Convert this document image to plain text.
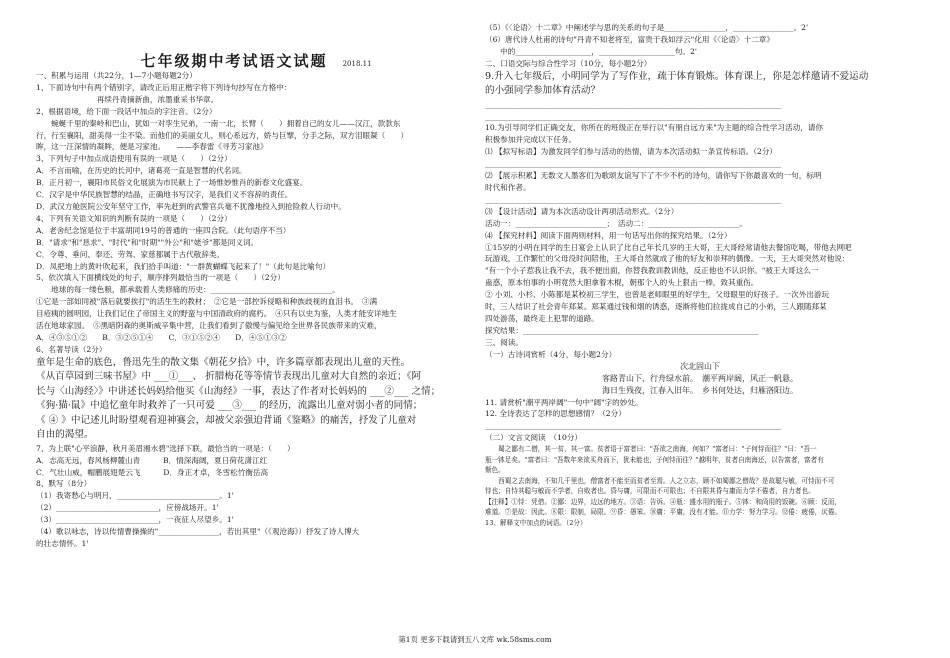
七年级期中考试语文试题 2018.11
一、积累与运用（共22分，1—7小题每题2分）
1、下面诗句中有两个错别字，请改正后用正楷字将下列诗句抄写在方格中：
　　　　　　　　再续丹青摘新曲，浓墨重采书华章。
2、根据语境，给下面一段话中加点的字注音。（2分）
　　蜿蜒千里的秦岭和巴山，犹如一对孪生兄弟，一南一北，长臂（　　）拥着自己的女儿——汉江，款款东
行，行至襄阳，甜美得一尘不染。而他们的美丽女儿，则心系远方，娇与巨擘，分手之际，双方泪眼凝（　　）
眸，这一汪深情的凝眸，便是习家池。　　——李春雷《寻芳习家池》
3、下列句子中加点成语使用有误的一项是（　　）（2分）
A．不言而喻，在历史的长河中，诸葛亮一直是智慧的代名词。
B．正月初一，襄阳市民俗文化展演为市民献上了一场惟妙惟肖的新春文化盛宴。
C．汉字是中华民族智慧的结晶，正确地书写汉字，是我们义不容辞的责任。
D．武汉方舱医院公安年坚守工作，率先赶到的武警官兵毫不犹豫地投入到抢险救人行动中。
4、下列有关语文知识的判断有误的一项是（　　）（2分）
A．老舍纪念馆是位于丰富胡同19号的普通的一座四合院。（此句语序不当）
B．"请求"和"恳求"、"时代"和"时期""外公"和"姥爷"都是同义词。
C．令尊、垂问、奉还、劳驾、家慈都属于古代敬辞类。
D．凤把地上的黄叶吹起来，我们拾手叫道："一群黄蝴蝶飞起来了！"（此句是比喻句）
5、依次填入下面横线处的句子，顺序排列最恰当的一项是（　　）（2分）
　　地球的每一缕色粮，都承载着人类修痛的历史：________________________________。
①它是一部如同被"落后就要挨打"的活生生的教材；　②它是一部控诉侵略和种族歧视的血泪书。　③满
目疮痍的圆明园，让我们记住了帝国主义的野蛮与中国清政府的腐朽。　④只有以史为鉴，人类才能安详地生
活在地球家园。　⑤黑暗阴森的奥斯威辛集中营，让我们看到了傲慢与偏见给全世界各民族带来的灾难，
A．④③⑤①②　　B．③②⑤①④　　C．③①⑤②④　　D．④⑤①③②
6、名著导读（2分）
童年是生命的底色，鲁迅先生的散文集《朝花夕拾》中，许多篇章都表现出儿童的天性。
《从百草园到三味书屋》中 ___①___、 折腊梅花等等情节表现出儿童对大自然的亲近；《阿
长与〈山海经〉》中讲述长妈妈给他买《山海经》一事，表达了作者对长妈妈的 ___②___ 之情；
《狗·猫·鼠》中追忆童年时救养了一只可爱 ___③___ 的经历，流露出儿童对弱小者的同情；
《 ④ 》中记述儿时盼望观看迎神赛会，却被父亲强迫背诵《鉴略》的痛苦，抒发了儿童对
自由的渴望。
7、为上联"心平浪静，秋月美眉湘水碧"选择下联，最恰当的一项是：（　　）
A．志高无远，春风杨柳麓山青　　　B．情深海阔，夏日荷花潇江红
C．气壮山威，帽鹏展翅楚云飞　　　D．身正才卓，冬雪松竹衡岳高
8、默写（8分）
（1）我寄愁心与明月，___________________________。1'
（2）___________________________，应傍战场开。1'
（3）___________________________，一夜征人尽望乡。1'
（4）歌以咏志，诗以传情曹操操的"________________，若出其里"（《观沧海》）抒发了诗人博大
的壮志情怀。1'
（5）《〈论语〉十二章》中阐述学与思的关系的句子是________________，________________。2'
（6）唐代诗人杜甫的诗句"丹青不知老将至，富贵于我如浮云"化用《〈论语〉十二章》
　　中的____________________，____________________句。2'
二、口语交际与综合性学习（10分，每小题2分）
9.升入七年级后，小明同学为了写作业，疏于体育锻炼。体育课上，你是怎样邀请不爱运动
的小强同学参加体育活动？
______________________________________________________________________________
______________________________________________________________________________
10.为引导同学们正确交友，你所在的班级正在举行以"有朋自远方来"为主题的综合性学习活动，请你
积极参加并完成以下任务。
⑴ 【拟写标语】为激发同学们参与活动的热情，请为本次活动拟一条宣传标语。（2分）
______________________________________________________________________________
⑵ 【展示积累】无数文人墨客们为歌颂友谊写下了不少不朽的诗句，请你写下你最喜欢的一句，标明
时代和作者。
______________________________________________________________________________
⑶ 【设计活动】请为本次活动设计两项活动形式。（2分）
活动一：________________________；　活动二：________________________。
⑷ 【探究材料】阅读下面两则材料，用一句话写出你的探究结果。（2分）
①15岁的小明在同学的生日宴会上认识了比自己年长几岁的王大哥，王大哥经常请他去餐馆吃喝，带他去网吧
玩游戏，工作繁忙的父母没时间陪他，王大哥自然就成了他的好友和崇拜的偶像。一天，王大哥突然对他说：
"有一个小子惹我让我不去，我不便出面，你替我教训教训他，反正他也不认识你。"被王大哥这么一
蛊惑，原本怕事的小明竟然大胆拿着木棍，朝那个人的头上狠击一棒，致其重伤。
② 小刘、小杉、小陈都是某校初三学生，也曾是老师眼里的好学生，父母眼里的好孩子。一次外出游玩
时，三人结识了社会青年郑某。郑某通过钱和烟的诱惑，逐渐将他们拉拢成自己的小弟，三人跟随郑某
四处游荡，最终走上犯罪的道路。
探究结果：______________________________________________________________
三、阅读。
（一）古诗词赏析（4分，每小题2分）
次北固山下
客路青山下，行舟绿水前。　潮平两岸阔，风正一帆悬。
海日生残夜，江春入旧年。　乡书何处达，归雁洛阳边。
11. 请赏析"潮平两岸阔"一句中"阔"字的妙处。
12. 全诗表达了怎样的思想感情？（2分）
______________________________________________________________________________
（二）文言文阅读　（10分）
　　蜀之鄙有二僧，其一贫，其一富。贫者语于富者曰："吾欲之南海，何如？"富者曰："子何恃而往？"曰："吾一
瓶一钵足矣。"富者曰："吾数年来欲买舟而下，犹未能也，子何恃而往？"越明年，贫者自南海还，以告富者，富者有
惭色。
　　西蜀之去南海，不知几千里也，僧富者不能至而贫者至焉。人之立志，顾不如蜀鄙之僧哉？是故聪与敏，可恃而不可
恃也；自恃其聪与敏而不学者，自败者也。昏与庸，可限而不可限也；不自限其昏与庸而力学不倦者，自力者也。
【注释】①恃：凭借。②鄙：边界，边远的地方。③语：告诉。④瓶：盛水用的瓶子。⑤钵：和尚用的饭碗。⑥顾：反而，
难道。⑦是故：因此。⑧限：限制，局限。⑨昏：愚笨。⑩庸：平庸，没有才能。⑪力学：努力学习。⑫倦：疲倦，厌倦。
13、解释文中加点的词语。（2分）
第1页 更多下载请到五八文库 wk.58sms.com
